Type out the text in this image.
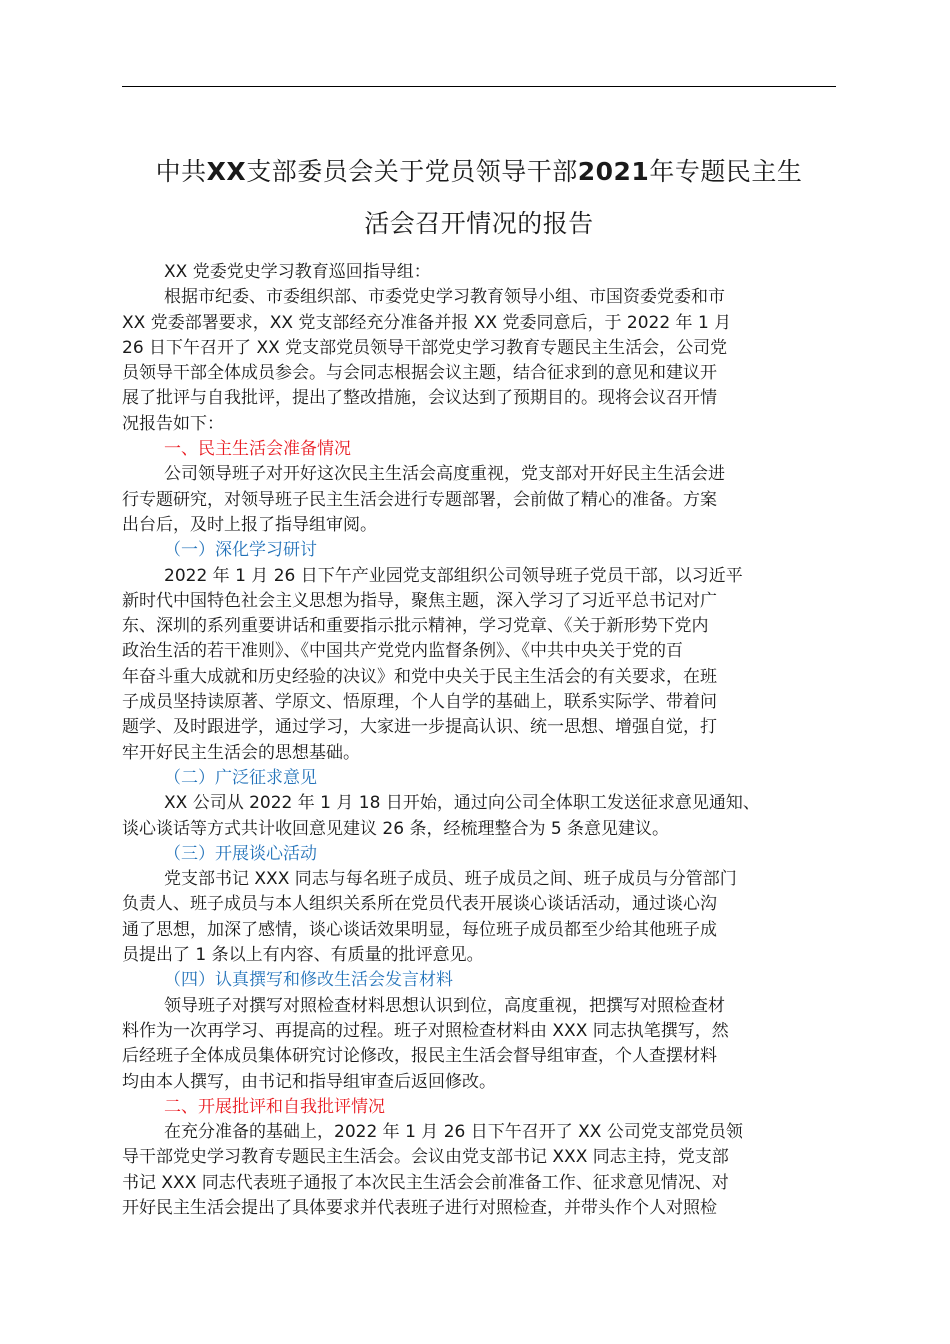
中共XX支部委员会关于党员领导干部2021年专题民主生
活会召开情况的报告
XX 党委党史学习教育巡回指导组：
根据市纪委、市委组织部、市委党史学习教育领导小组、市国资委党委和市
XX 党委部署要求，XX 党支部经充分准备并报 XX 党委同意后，于 2022 年 1 月
26 日下午召开了 XX 党支部党员领导干部党史学习教育专题民主生活会，公司党
员领导干部全体成员参会。与会同志根据会议主题，结合征求到的意见和建议开
展了批评与自我批评，提出了整改措施，会议达到了预期目的。现将会议召开情
况报告如下：
一、民主生活会准备情况
公司领导班子对开好这次民主生活会高度重视，党支部对开好民主生活会进
行专题研究，对领导班子民主生活会进行专题部署，会前做了精心的准备。方案
出台后，及时上报了指导组审阅。
（一）深化学习研讨
2022 年 1 月 26 日下午产业园党支部组织公司领导班子党员干部，以习近平
新时代中国特色社会主义思想为指导，聚焦主题，深入学习了习近平总书记对广
东、深圳的系列重要讲话和重要指示批示精神，学习党章、《关于新形势下党内
政治生活的若干准则》、《中国共产党党内监督条例》、《中共中央关于党的百
年奋斗重大成就和历史经验的决议》和党中央关于民主生活会的有关要求，在班
子成员坚持读原著、学原文、悟原理，个人自学的基础上，联系实际学、带着问
题学、及时跟进学，通过学习，大家进一步提高认识、统一思想、增强自觉，打
牢开好民主生活会的思想基础。
（二）广泛征求意见
XX 公司从 2022 年 1 月 18 日开始，通过向公司全体职工发送征求意见通知、
谈心谈话等方式共计收回意见建议 26 条，经梳理整合为 5 条意见建议。
（三）开展谈心活动
党支部书记 XXX 同志与每名班子成员、班子成员之间、班子成员与分管部门
负责人、班子成员与本人组织关系所在党员代表开展谈心谈话活动，通过谈心沟
通了思想，加深了感情，谈心谈话效果明显，每位班子成员都至少给其他班子成
员提出了 1 条以上有内容、有质量的批评意见。
（四）认真撰写和修改生活会发言材料
领导班子对撰写对照检查材料思想认识到位，高度重视，把撰写对照检查材
料作为一次再学习、再提高的过程。班子对照检查材料由 XXX 同志执笔撰写，然
后经班子全体成员集体研究讨论修改，报民主生活会督导组审查，个人查摆材料
均由本人撰写，由书记和指导组审查后返回修改。
二、开展批评和自我批评情况
在充分准备的基础上，2022 年 1 月 26 日下午召开了 XX 公司党支部党员领
导干部党史学习教育专题民主生活会。会议由党支部书记 XXX 同志主持，党支部
书记 XXX 同志代表班子通报了本次民主生活会会前准备工作、征求意见情况、对
开好民主生活会提出了具体要求并代表班子进行对照检查，并带头作个人对照检
